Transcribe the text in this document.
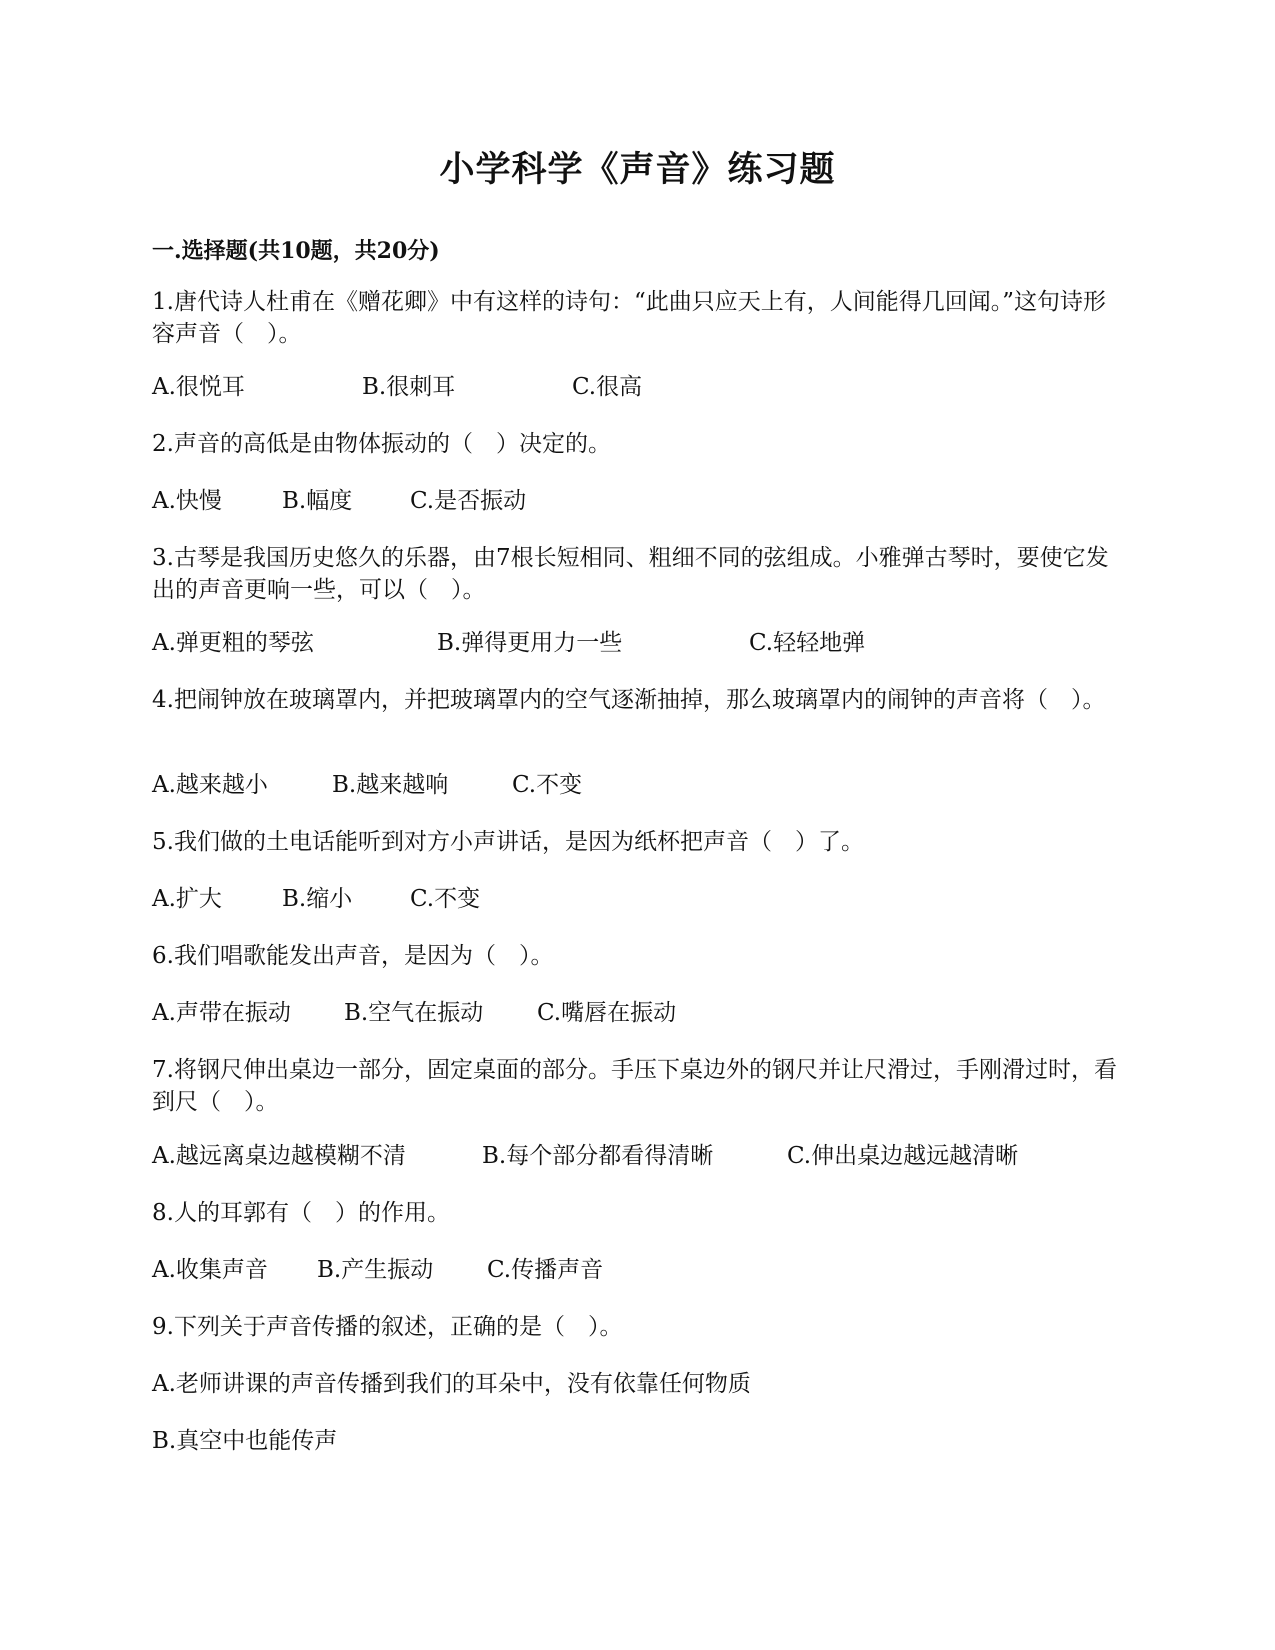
小学科学《声音》练习题
一.选择题(共10题，共20分)

1.唐代诗人杜甫在《赠花卿》中有这样的诗句：“此曲只应天上有，人间能得几回闻。”这句诗形容声音（　）。

A.很悦耳	B.很刺耳	C.很高

2.声音的高低是由物体振动的（　）决定的。

A.快慢	B.幅度	C.是否振动

3.古琴是我国历史悠久的乐器，由7根长短相同、粗细不同的弦组成。小雅弹古琴时，要使它发出的声音更响一些，可以（　）。

A.弹更粗的琴弦	B.弹得更用力一些	C.轻轻地弹

4.把闹钟放在玻璃罩内，并把玻璃罩内的空气逐渐抽掉，那么玻璃罩内的闹钟的声音将（　）。

A.越来越小	B.越来越响	C.不变

5.我们做的土电话能听到对方小声讲话，是因为纸杯把声音（　）了。

A.扩大	B.缩小	C.不变

6.我们唱歌能发出声音，是因为（　）。

A.声带在振动 B.空气在振动 C.嘴唇在振动

7.将钢尺伸出桌边一部分，固定桌面的部分。手压下桌边外的钢尺并让尺滑过，手刚滑过时，看到尺（　）。

A.越远离桌边越模糊不清	B.每个部分都看得清晰	C.伸出桌边越远越清晰

8.人的耳郭有（　）的作用。

A.收集声音 B.产生振动 C.传播声音

9.下列关于声音传播的叙述，正确的是（　）。

A.老师讲课的声音传播到我们的耳朵中，没有依靠任何物质
B.真空中也能传声
